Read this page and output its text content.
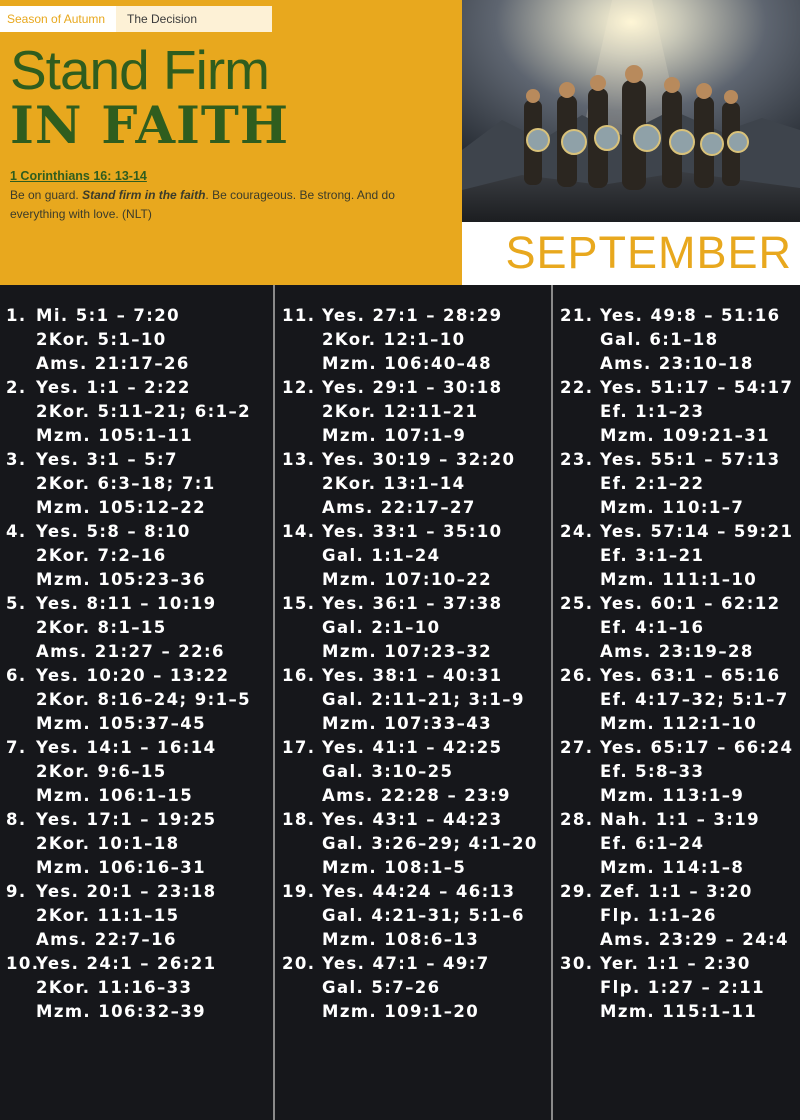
Season of Autumn	The Decision
Stand Firm
IN FAITH
1 Corinthians 16: 13-14
Be on guard. Stand firm in the faith. Be courageous. Be strong. And do everything with love. (NLT)
SEPTEMBER
1. Mi. 5:1 – 7:20
2Kor. 5:1–10
Ams. 21:17–26
2. Yes. 1:1 – 2:22
2Kor. 5:11–21; 6:1–2
Mzm. 105:1–11
3. Yes. 3:1 – 5:7
2Kor. 6:3–18; 7:1
Mzm. 105:12–22
4. Yes. 5:8 – 8:10
2Kor. 7:2–16
Mzm. 105:23–36
5. Yes. 8:11 – 10:19
2Kor. 8:1–15
Ams. 21:27 – 22:6
6. Yes. 10:20 – 13:22
2Kor. 8:16–24; 9:1–5
Mzm. 105:37–45
7. Yes. 14:1 – 16:14
2Kor. 9:6–15
Mzm. 106:1–15
8. Yes. 17:1 – 19:25
2Kor. 10:1–18
Mzm. 106:16–31
9. Yes. 20:1 – 23:18
2Kor. 11:1–15
Ams. 22:7–16
10.
Yes. 24:1 – 26:21
2Kor. 11:16–33
Mzm. 106:32–39
11. Yes. 27:1 – 28:29
2Kor. 12:1–10
Mzm. 106:40–48
12. Yes. 29:1 – 30:18
2Kor. 12:11–21
Mzm. 107:1–9
13. Yes. 30:19 – 32:20
2Kor. 13:1–14
Ams. 22:17–27
14. Yes. 33:1 – 35:10
Gal. 1:1–24
Mzm. 107:10–22
15. Yes. 36:1 – 37:38
Gal. 2:1–10
Mzm. 107:23–32
16. Yes. 38:1 – 40:31
Gal. 2:11–21; 3:1–9
Mzm. 107:33–43
17. Yes. 41:1 – 42:25
Gal. 3:10–25
Ams. 22:28 – 23:9
18. Yes. 43:1 – 44:23
Gal. 3:26–29; 4:1–20
Mzm. 108:1–5
19. Yes. 44:24 – 46:13
Gal. 4:21–31; 5:1–6
Mzm. 108:6–13
20. Yes. 47:1 – 49:7
Gal. 5:7–26
Mzm. 109:1–20
21. Yes. 49:8 – 51:16
Gal. 6:1–18
Ams. 23:10–18
22. Yes. 51:17 – 54:17
Ef. 1:1–23
Mzm. 109:21–31
23. Yes. 55:1 – 57:13
Ef. 2:1–22
Mzm. 110:1–7
24. Yes. 57:14 – 59:21
Ef. 3:1–21
Mzm. 111:1–10
25. Yes. 60:1 – 62:12
Ef. 4:1–16
Ams. 23:19–28
26. Yes. 63:1 – 65:16
Ef. 4:17–32; 5:1–7
Mzm. 112:1–10
27. Yes. 65:17 – 66:24
Ef. 5:8–33
Mzm. 113:1–9
28. Nah. 1:1 – 3:19
Ef. 6:1–24
Mzm. 114:1–8
29. Zef. 1:1 – 3:20
Flp. 1:1–26
Ams. 23:29 – 24:4
30. Yer. 1:1 – 2:30
Flp. 1:27 – 2:11
Mzm. 115:1–11
